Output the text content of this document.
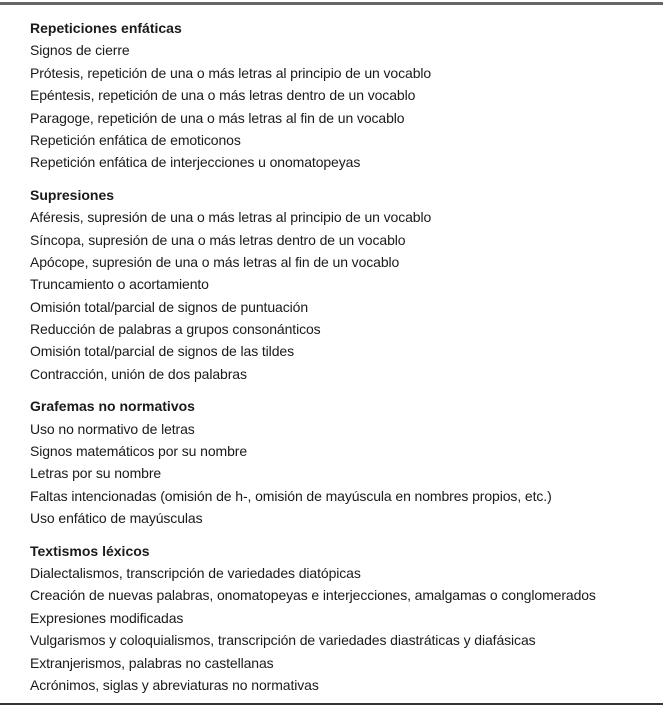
Repeticiones enfáticas
Signos de cierre
Prótesis, repetición de una o más letras al principio de un vocablo
Epéntesis, repetición de una o más letras dentro de un vocablo
Paragoge, repetición de una o más letras al fin de un vocablo
Repetición enfática de emoticonos
Repetición enfática de interjecciones u onomatopeyas
Supresiones
Aféresis, supresión de una o más letras al principio de un vocablo
Síncopa, supresión de una o más letras dentro de un vocablo
Apócope, supresión de una o más letras al fin de un vocablo
Truncamiento o acortamiento
Omisión total/parcial de signos de puntuación
Reducción de palabras a grupos consonánticos
Omisión total/parcial de signos de las tildes
Contracción, unión de dos palabras
Grafemas no normativos
Uso no normativo de letras
Signos matemáticos por su nombre
Letras por su nombre
Faltas intencionadas (omisión de h-, omisión de mayúscula en nombres propios, etc.)
Uso enfático de mayúsculas
Textismos léxicos
Dialectalismos, transcripción de variedades diatópicas
Creación de nuevas palabras, onomatopeyas e interjecciones, amalgamas o conglomerados
Expresiones modificadas
Vulgarismos y coloquialismos, transcripción de variedades diastráticas y diafásicas
Extranjerismos, palabras no castellanas
Acrónimos, siglas y abreviaturas no normativas
